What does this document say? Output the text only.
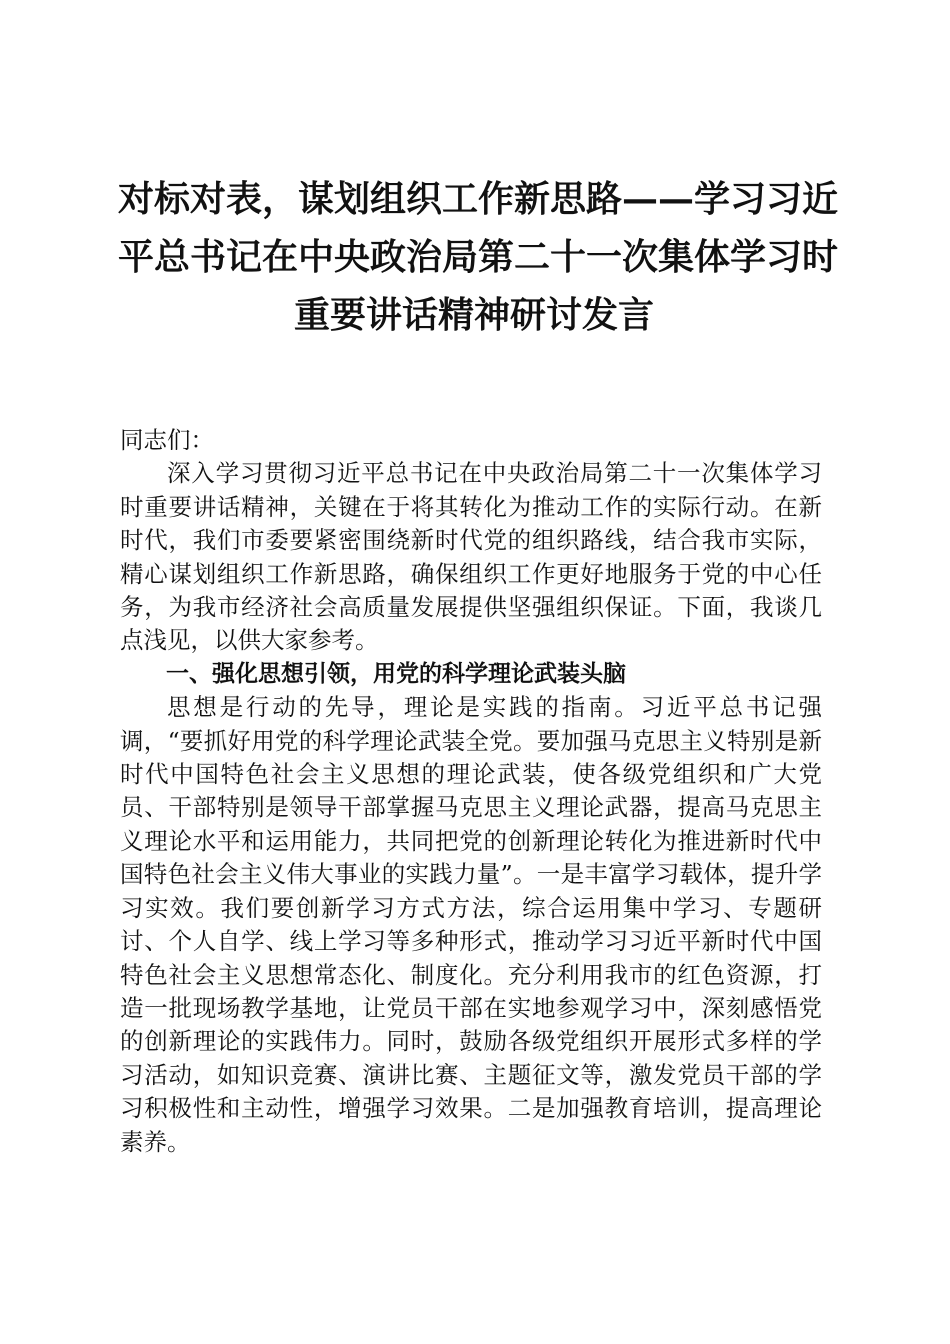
对标对表，谋划组织工作新思路——学习习近
平总书记在中央政治局第二十一次集体学习时
重要讲话精神研讨发言

同志们：

深入学习贯彻习近平总书记在中央政治局第二十一次集体学习时重要讲话精神，关键在于将其转化为推动工作的实际行动。在新时代，我们市委要紧密围绕新时代党的组织路线，结合我市实际，精心谋划组织工作新思路，确保组织工作更好地服务于党的中心任务，为我市经济社会高质量发展提供坚强组织保证。下面，我谈几点浅见，以供大家参考。

一、强化思想引领，用党的科学理论武装头脑

思想是行动的先导，理论是实践的指南。习近平总书记强调，“要抓好用党的科学理论武装全党。要加强马克思主义特别是新时代中国特色社会主义思想的理论武装，使各级党组织和广大党员、干部特别是领导干部掌握马克思主义理论武器，提高马克思主义理论水平和运用能力，共同把党的创新理论转化为推进新时代中国特色社会主义伟大事业的实践力量”。一是丰富学习载体，提升学习实效。我们要创新学习方式方法，综合运用集中学习、专题研讨、个人自学、线上学习等多种形式，推动学习习近平新时代中国特色社会主义思想常态化、制度化。充分利用我市的红色资源，打造一批现场教学基地，让党员干部在实地参观学习中，深刻感悟党的创新理论的实践伟力。同时，鼓励各级党组织开展形式多样的学习活动，如知识竞赛、演讲比赛、主题征文等，激发党员干部的学习积极性和主动性，增强学习效果。二是加强教育培训，提高理论素养。
